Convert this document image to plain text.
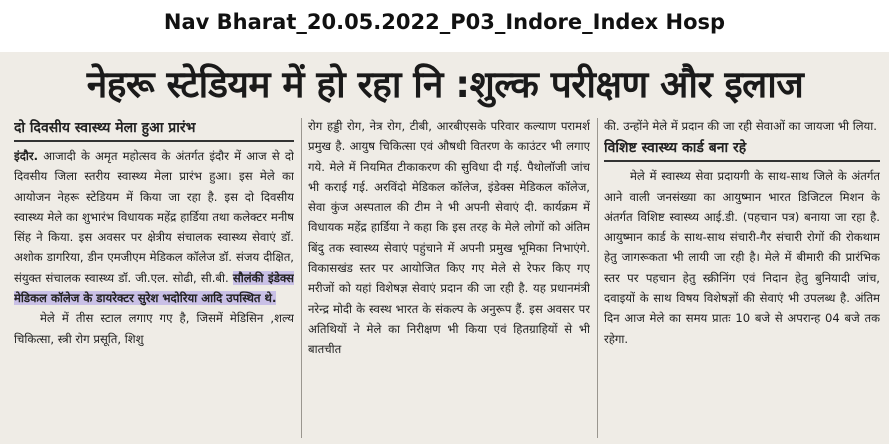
Nav Bharat_20.05.2022_P03_Indore_Index Hosp
नेहरू स्टेडियम में हो रहा नि :शुल्क परीक्षण और इलाज
दो दिवसीय स्वास्थ्य मेला हुआ प्रारंभ

इंदौर. आजादी के अमृत महोत्सव के अंतर्गत इंदौर में आज से दो दिवसीय जिला स्तरीय स्वास्थ्य मेला प्रारंभ हुआ। इस मेले का आयोजन नेहरू स्टेडियम में किया जा रहा है. इस दो दिवसीय स्वास्थ्य मेले का शुभारंभ विधायक महेंद्र हार्डिया तथा कलेक्टर मनीष सिंह ने किया. इस अवसर पर क्षेत्रीय संचालक स्वास्थ्य सेवाएं डॉ. अशोक डागरिया, डीन एमजीएम मेडिकल कॉलेज डॉ. संजय दीक्षित, संयुक्त संचालक स्वास्थ्य डॉ. जी.एल. सोढी, सी.बी. सौलंकी इंडेक्स मेडिकल कॉलेज के डायरेक्टर सुरेश भदोरिया आदि उपस्थित थे.

मेले में तीस स्टाल लगाए गए है, जिसमें मेडिसिन ,शल्य चिकित्सा, स्त्री रोग प्रसूति, शिशु

रोग हड्डी रोग, नेत्र रोग, टीबी, आरबीएसके परिवार कल्याण परामर्श प्रमुख है. आयुष चिकित्सा एवं औषधी वितरण के काउंटर भी लगाए गये. मेले में नियमित टीकाकरण की सुविधा दी गई. पैथोलॉजी जांच भी कराई गई. अरविंदो मेडिकल कॉलेज, इंडेक्स मेडिकल कॉलेज, सेवा कुंज अस्पताल की टीम ने भी अपनी सेवाएं दी. कार्यक्रम में विधायक महेंद्र हार्डिया ने कहा कि इस तरह के मेले लोगों को अंतिम बिंदु तक स्वास्थ्य सेवाएं पहुंचाने में अपनी प्रमुख भूमिका निभाएंगे. विकासखंड स्तर पर आयोजित किए गए मेले से रेफर किए गए मरीजों को यहां विशेषज्ञ सेवाएं प्रदान की जा रही है. यह प्रधानमंत्री नरेन्द्र मोदी के स्वस्थ भारत के संकल्प के अनुरूप हैं. इस अवसर पर अतिथियों ने मेले का निरीक्षण भी किया एवं हितग्राहियों से भी बातचीत

की. उन्होंने मेले में प्रदान की जा रही सेवाओं का जायजा भी लिया.

विशिष्ट स्वास्थ्य कार्ड बना रहे

मेले में स्वास्थ्य सेवा प्रदायगी के साथ-साथ जिले के अंतर्गत आने वाली जनसंख्या का आयुष्मान भारत डिजिटल मिशन के अंतर्गत विशिष्ट स्वास्थ्य आई.डी. (पहचान पत्र) बनाया जा रहा है. आयुष्मान कार्ड के साथ-साथ संचारी-गैर संचारी रोगों की रोकथाम हेतु जागरूकता भी लायी जा रही है। मेले में बीमारी की प्रारंभिक स्तर पर पहचान हेतु स्क्रीनिंग एवं निदान हेतु बुनियादी जांच, दवाइयों के साथ विषय विशेषज्ञों की सेवाएं भी उपलब्ध है. अंतिम दिन आज मेले का समय प्रातः 10 बजे से अपरान्ह 04 बजे तक रहेगा.
